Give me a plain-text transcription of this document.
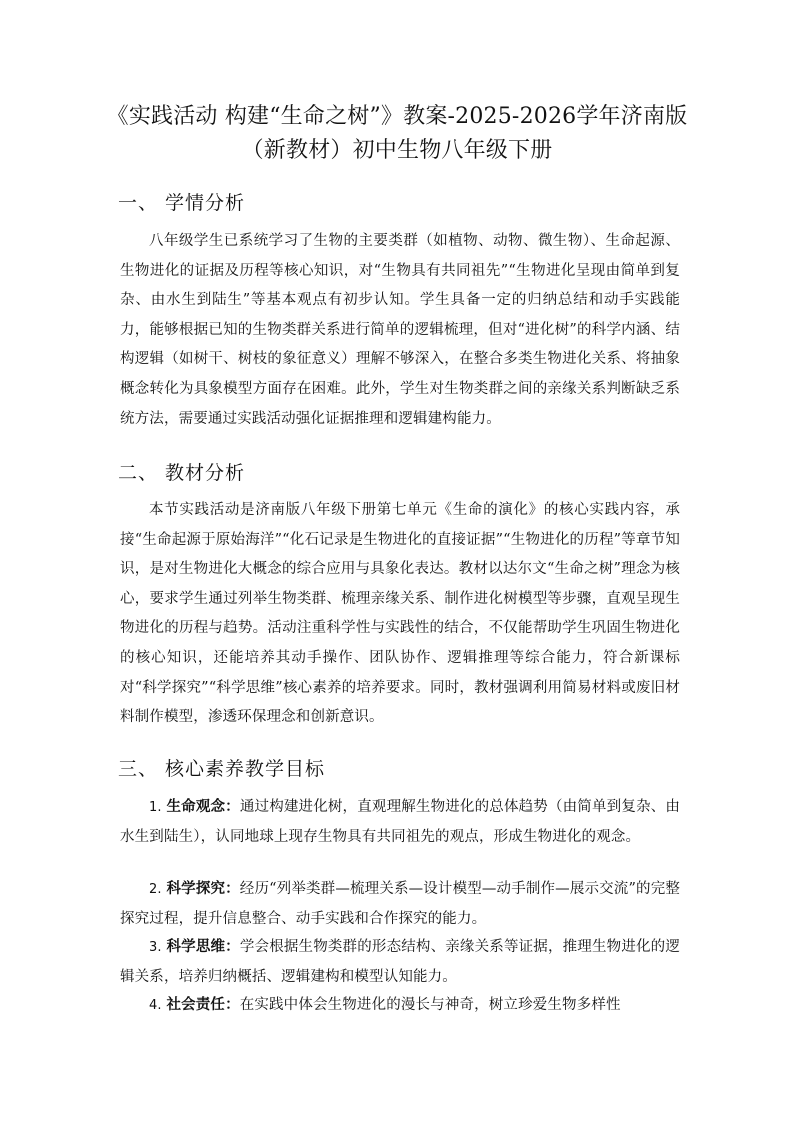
《实践活动 构建“生命之树”》教案-2025-2026学年济南版（新教材）初中生物八年级下册
一、 学情分析
八年级学生已系统学习了生物的主要类群（如植物、动物、微生物）、生命起源、生物进化的证据及历程等核心知识，对“生物具有共同祖先”“生物进化呈现由简单到复杂、由水生到陆生”等基本观点有初步认知。学生具备一定的归纳总结和动手实践能力，能够根据已知的生物类群关系进行简单的逻辑梳理，但对“进化树”的科学内涵、结构逻辑（如树干、树枝的象征意义）理解不够深入，在整合多类生物进化关系、将抽象概念转化为具象模型方面存在困难。此外，学生对生物类群之间的亲缘关系判断缺乏系统方法，需要通过实践活动强化证据推理和逻辑建构能力。
二、 教材分析
本节实践活动是济南版八年级下册第七单元《生命的演化》的核心实践内容，承接“生命起源于原始海洋”“化石记录是生物进化的直接证据”“生物进化的历程”等章节知识，是对生物进化大概念的综合应用与具象化表达。教材以达尔文“生命之树”理念为核心，要求学生通过列举生物类群、梳理亲缘关系、制作进化树模型等步骤，直观呈现生物进化的历程与趋势。活动注重科学性与实践性的结合，不仅能帮助学生巩固生物进化的核心知识，还能培养其动手操作、团队协作、逻辑推理等综合能力，符合新课标对“科学探究”“科学思维”核心素养的培养要求。同时，教材强调利用简易材料或废旧材料制作模型，渗透环保理念和创新意识。
三、 核心素养教学目标
1. 生命观念：通过构建进化树，直观理解生物进化的总体趋势（由简单到复杂、由水生到陆生），认同地球上现存生物具有共同祖先的观点，形成生物进化的观念。
2. 科学探究：经历“列举类群—梳理关系—设计模型—动手制作—展示交流”的完整探究过程，提升信息整合、动手实践和合作探究的能力。
3. 科学思维：学会根据生物类群的形态结构、亲缘关系等证据，推理生物进化的逻辑关系，培养归纳概括、逻辑建构和模型认知能力。
4. 社会责任：在实践中体会生物进化的漫长与神奇，树立珍爱生物多样性
